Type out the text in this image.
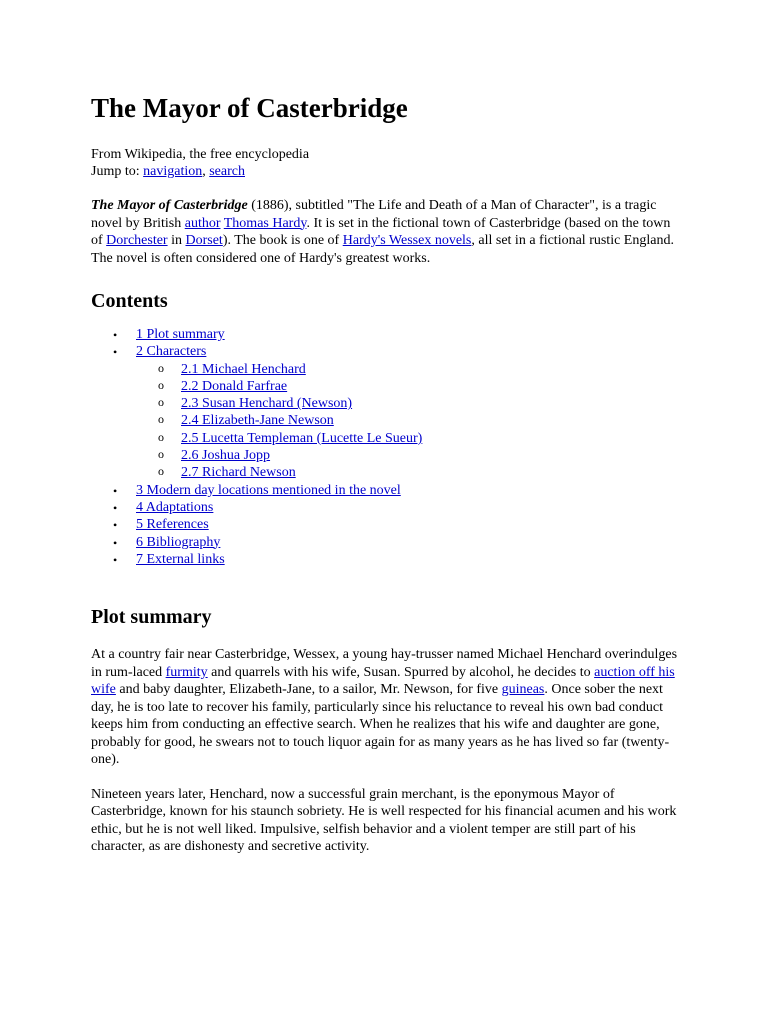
The Mayor of Casterbridge
From Wikipedia, the free encyclopedia
Jump to: navigation, search

The Mayor of Casterbridge (1886), subtitled "The Life and Death of a Man of Character", is a tragic novel by British author Thomas Hardy. It is set in the fictional town of Casterbridge (based on the town of Dorchester in Dorset). The book is one of Hardy's Wessex novels, all set in a fictional rustic England. The novel is often considered one of Hardy's greatest works.

Contents
• 1 Plot summary
• 2 Characters
o 2.1 Michael Henchard
o 2.2 Donald Farfrae
o 2.3 Susan Henchard (Newson)
o 2.4 Elizabeth-Jane Newson
o 2.5 Lucetta Templeman (Lucette Le Sueur)
o 2.6 Joshua Jopp
o 2.7 Richard Newson
• 3 Modern day locations mentioned in the novel
• 4 Adaptations
• 5 References
• 6 Bibliography
• 7 External links
Plot summary

At a country fair near Casterbridge, Wessex, a young hay-trusser named Michael Henchard overindulges in rum-laced furmity and quarrels with his wife, Susan. Spurred by alcohol, he decides to auction off his wife and baby daughter, Elizabeth-Jane, to a sailor, Mr. Newson, for five guineas. Once sober the next day, he is too late to recover his family, particularly since his reluctance to reveal his own bad conduct keeps him from conducting an effective search. When he realizes that his wife and daughter are gone, probably for good, he swears not to touch liquor again for as many years as he has lived so far (twenty-one).

Nineteen years later, Henchard, now a successful grain merchant, is the eponymous Mayor of Casterbridge, known for his staunch sobriety. He is well respected for his financial acumen and his work ethic, but he is not well liked. Impulsive, selfish behavior and a violent temper are still part of his character, as are dishonesty and secretive activity.
